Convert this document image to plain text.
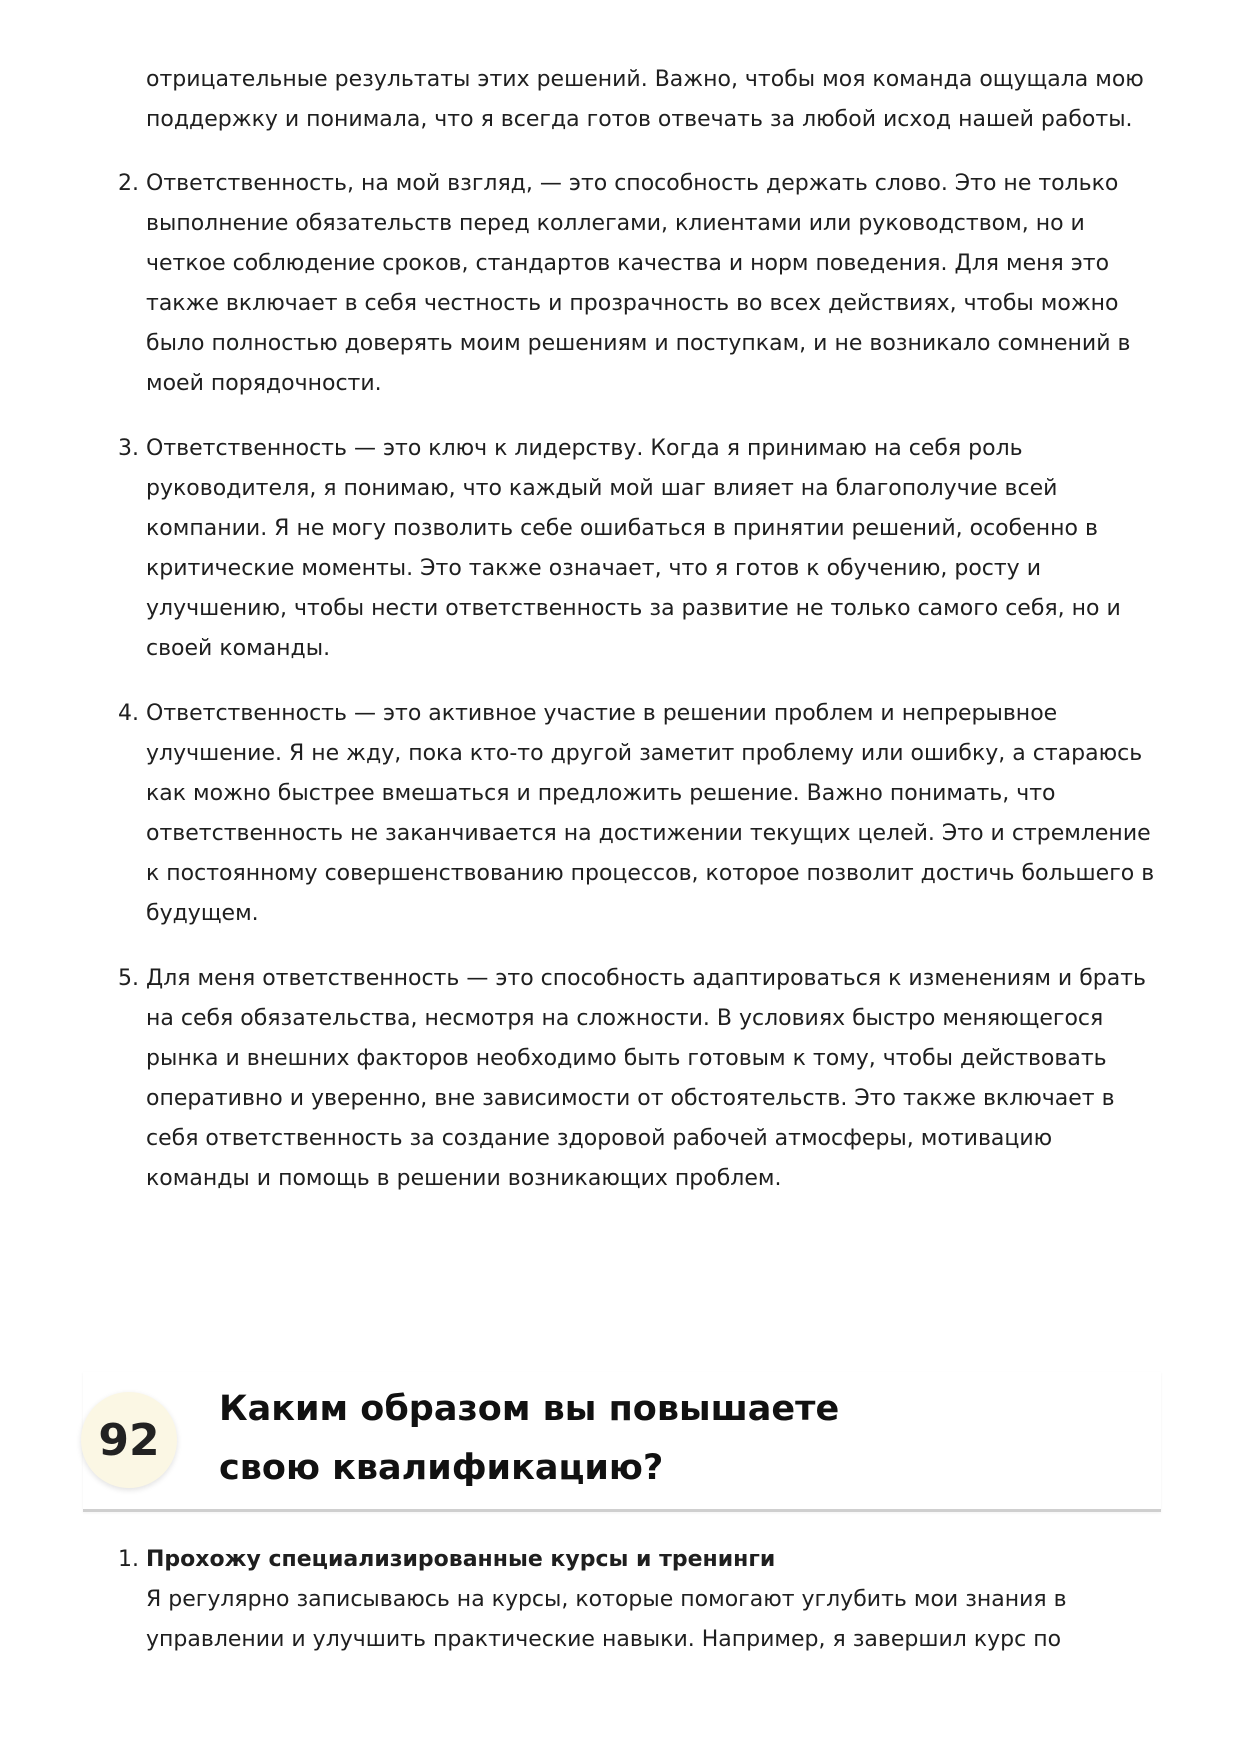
отрицательные результаты этих решений. Важно, чтобы моя команда ощущала мою поддержку и понимала, что я всегда готов отвечать за любой исход нашей работы.

2. Ответственность, на мой взгляд, — это способность держать слово. Это не только выполнение обязательств перед коллегами, клиентами или руководством, но и четкое соблюдение сроков, стандартов качества и норм поведения. Для меня это также включает в себя честность и прозрачность во всех действиях, чтобы можно было полностью доверять моим решениям и поступкам, и не возникало сомнений в моей порядочности.
3. Ответственность — это ключ к лидерству. Когда я принимаю на себя роль руководителя, я понимаю, что каждый мой шаг влияет на благополучие всей компании. Я не могу позволить себе ошибаться в принятии решений, особенно в критические моменты. Это также означает, что я готов к обучению, росту и улучшению, чтобы нести ответственность за развитие не только самого себя, но и своей команды.
4. Ответственность — это активное участие в решении проблем и непрерывное улучшение. Я не жду, пока кто-то другой заметит проблему или ошибку, а стараюсь как можно быстрее вмешаться и предложить решение. Важно понимать, что ответственность не заканчивается на достижении текущих целей. Это и стремление к постоянному совершенствованию процессов, которое позволит достичь большего в будущем.
5. Для меня ответственность — это способность адаптироваться к изменениям и брать на себя обязательства, несмотря на сложности. В условиях быстро меняющегося рынка и внешних факторов необходимо быть готовым к тому, чтобы действовать оперативно и уверенно, вне зависимости от обстоятельств. Это также включает в себя ответственность за создание здоровой рабочей атмосферы, мотивацию команды и помощь в решении возникающих проблем.
92
Каким образом вы повышаете свою квалификацию?
1. Прохожу специализированные курсы и тренинги
Я регулярно записываюсь на курсы, которые помогают углубить мои знания в управлении и улучшить практические навыки. Например, я завершил курс по
